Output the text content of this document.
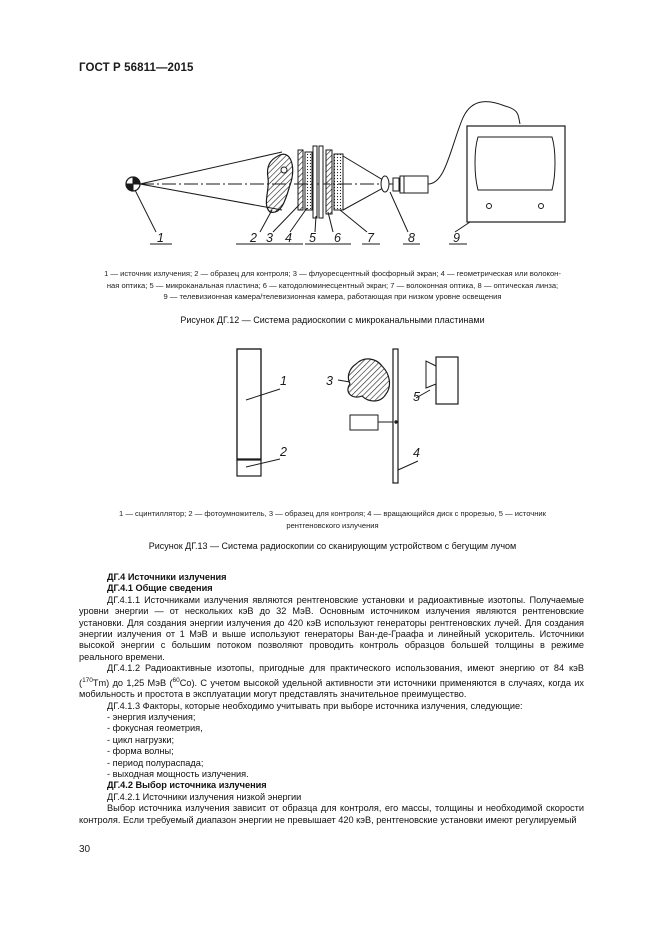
ГОСТ Р 56811—2015
1	2 3 4 5 6 7	8	9
1 — источник излучения; 2 — образец для контроля; 3 — флуоресцентный фосфорный экран; 4 — геометрическая или волокон-
ная оптика; 5 — микроканальная пластина; 6 — катодолюминесцентный экран; 7 — волоконная оптика, 8 — оптическая линза;
9 — телевизионная камера/телевизионная камера, работающая при низком уровне освещения
Рисунок ДГ.12 — Система радиоскопии с микроканальными пластинами
1
2
3
4
5
1 — сцинтиллятор; 2 — фотоумножитель, 3 — образец для контроля; 4 — вращающийся диск с прорезью, 5 — источник
рентгеновского излучения
Рисунок ДГ.13 — Система радиоскопии со сканирующим устройством с бегущим лучом

ДГ.4 Источники излучения

ДГ.4.1 Общие сведения

ДГ.4.1.1 Источниками излучения являются рентгеновские установки и радиоактивные изотопы. Получаемые уровни энергии — от нескольких кэВ до 32 МэВ. Основным источником излучения являются рентгеновские установки. Для создания энергии излучения до 420 кэВ используют генераторы рентгеновских лучей. Для создания энергии излучения от 1 МэВ и выше используют генераторы Ван-де-Граафа и линейный ускоритель. Источники высокой энергии с большим потоком позволяют проводить контроль образцов большей толщины в режиме реального времени.

ДГ.4.1.2 Радиоактивные изотопы, пригодные для практического использования, имеют энергию от 84 кэВ ($^{170}$Tm) до 1,25 МэВ ($^{60}$Co). С учетом высокой удельной активности эти источники применяются в случаях, когда их мобильность и простота в эксплуатации могут представлять значительное преимущество.

ДГ.4.1.3 Факторы, которые необходимо учитывать при выборе источника излучения, следующие:

- энергия излучения;

- фокусная геометрия,

- цикл нагрузки;

- форма волны;

- период полураспада;

- выходная мощность излучения.

ДГ.4.2 Выбор источника излучения

ДГ.4.2.1 Источники излучения низкой энергии

Выбор источника излучения зависит от образца для контроля, его массы, толщины и необходимой скорости контроля. Если требуемый диапазон энергии не превышает 420 кэВ, рентгеновские установки имеют регулируемый

30
